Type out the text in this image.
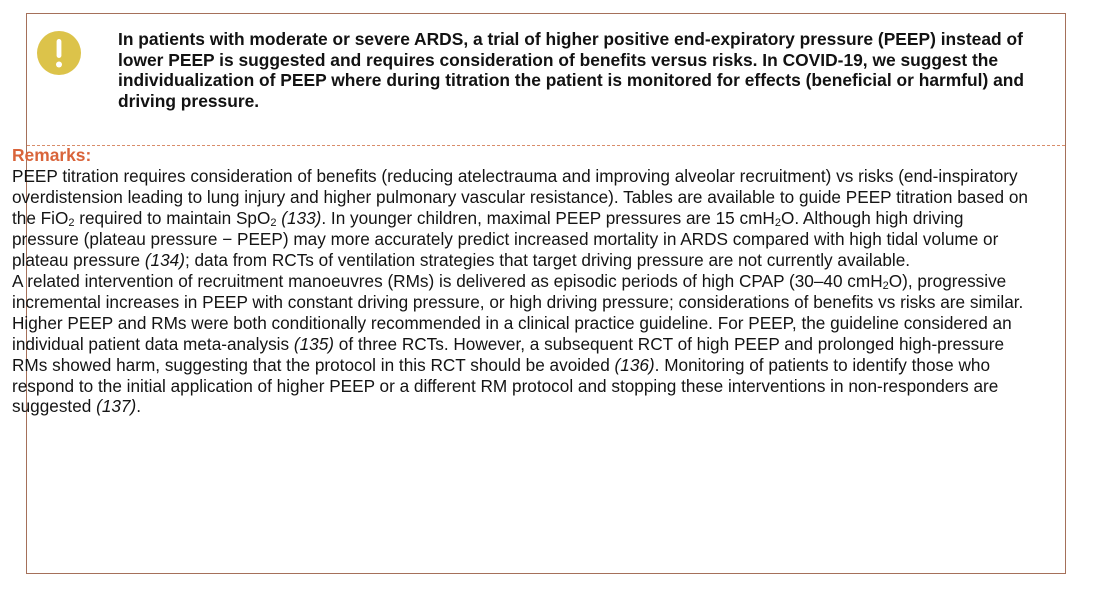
In patients with moderate or severe ARDS, a trial of higher positive end-expiratory pressure (PEEP) instead of lower PEEP is suggested and requires consideration of benefits versus risks. In COVID-19, we suggest the individualization of PEEP where during titration the patient is monitored for effects (beneficial or harmful) and driving pressure.

Remarks:

PEEP titration requires consideration of benefits (reducing atelectrauma and improving alveolar recruitment) vs risks (end-inspiratory overdistension leading to lung injury and higher pulmonary vascular resistance). Tables are available to guide PEEP titration based on the FiO$_2$ required to maintain SpO$_2$ (133). In younger children, maximal PEEP pressures are 15 cmH$_2$O. Although high driving pressure (plateau pressure − PEEP) may more accurately predict increased mortality in ARDS compared with high tidal volume or plateau pressure (134); data from RCTs of ventilation strategies that target driving pressure are not currently available.

A related intervention of recruitment manoeuvres (RMs) is delivered as episodic periods of high CPAP (30–40 cmH$_2$O), progressive incremental increases in PEEP with constant driving pressure, or high driving pressure; considerations of benefits vs risks are similar. Higher PEEP and RMs were both conditionally recommended in a clinical practice guideline. For PEEP, the guideline considered an individual patient data meta-analysis (135) of three RCTs. However, a subsequent RCT of high PEEP and prolonged high-pressure RMs showed harm, suggesting that the protocol in this RCT should be avoided (136). Monitoring of patients to identify those who respond to the initial application of higher PEEP or a different RM protocol and stopping these interventions in non-responders are suggested (137).
